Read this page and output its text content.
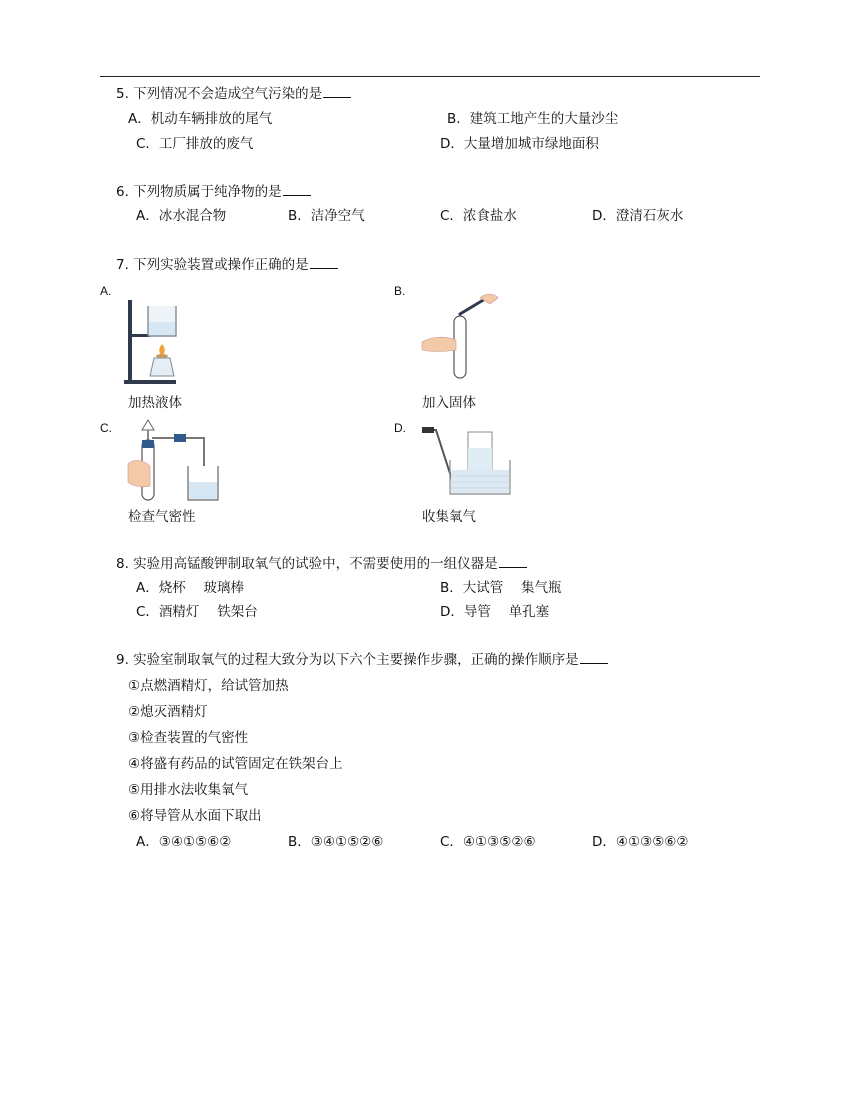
5. 下列情况不会造成空气污染的是
A．机动车辆排放的尾气	B．建筑工地产生的大量沙尘
C．工厂排放的废气	D．大量增加城市绿地面积
6. 下列物质属于纯净物的是
A．冰水混合物	B．洁净空气	C．浓食盐水	D．澄清石灰水
7. 下列实验装置或操作正确的是
A.	B.
C.	D.
加热液体	加入固体
检查气密性	收集氧气
8. 实验用高锰酸钾制取氧气的试验中，不需要使用的一组仪器是
A．烧杯　 玻璃棒	B．大试管　 集气瓶
C．酒精灯　 铁架台	D．导管　 单孔塞
9. 实验室制取氧气的过程大致分为以下六个主要操作步骤，正确的操作顺序是
①点燃酒精灯，给试管加热
②熄灭酒精灯
③检查装置的气密性
④将盛有药品的试管固定在铁架台上
⑤用排水法收集氧气
⑥将导管从水面下取出
A．③④①⑤⑥②	B．③④①⑤②⑥	C．④①③⑤②⑥	D．④①③⑤⑥②
